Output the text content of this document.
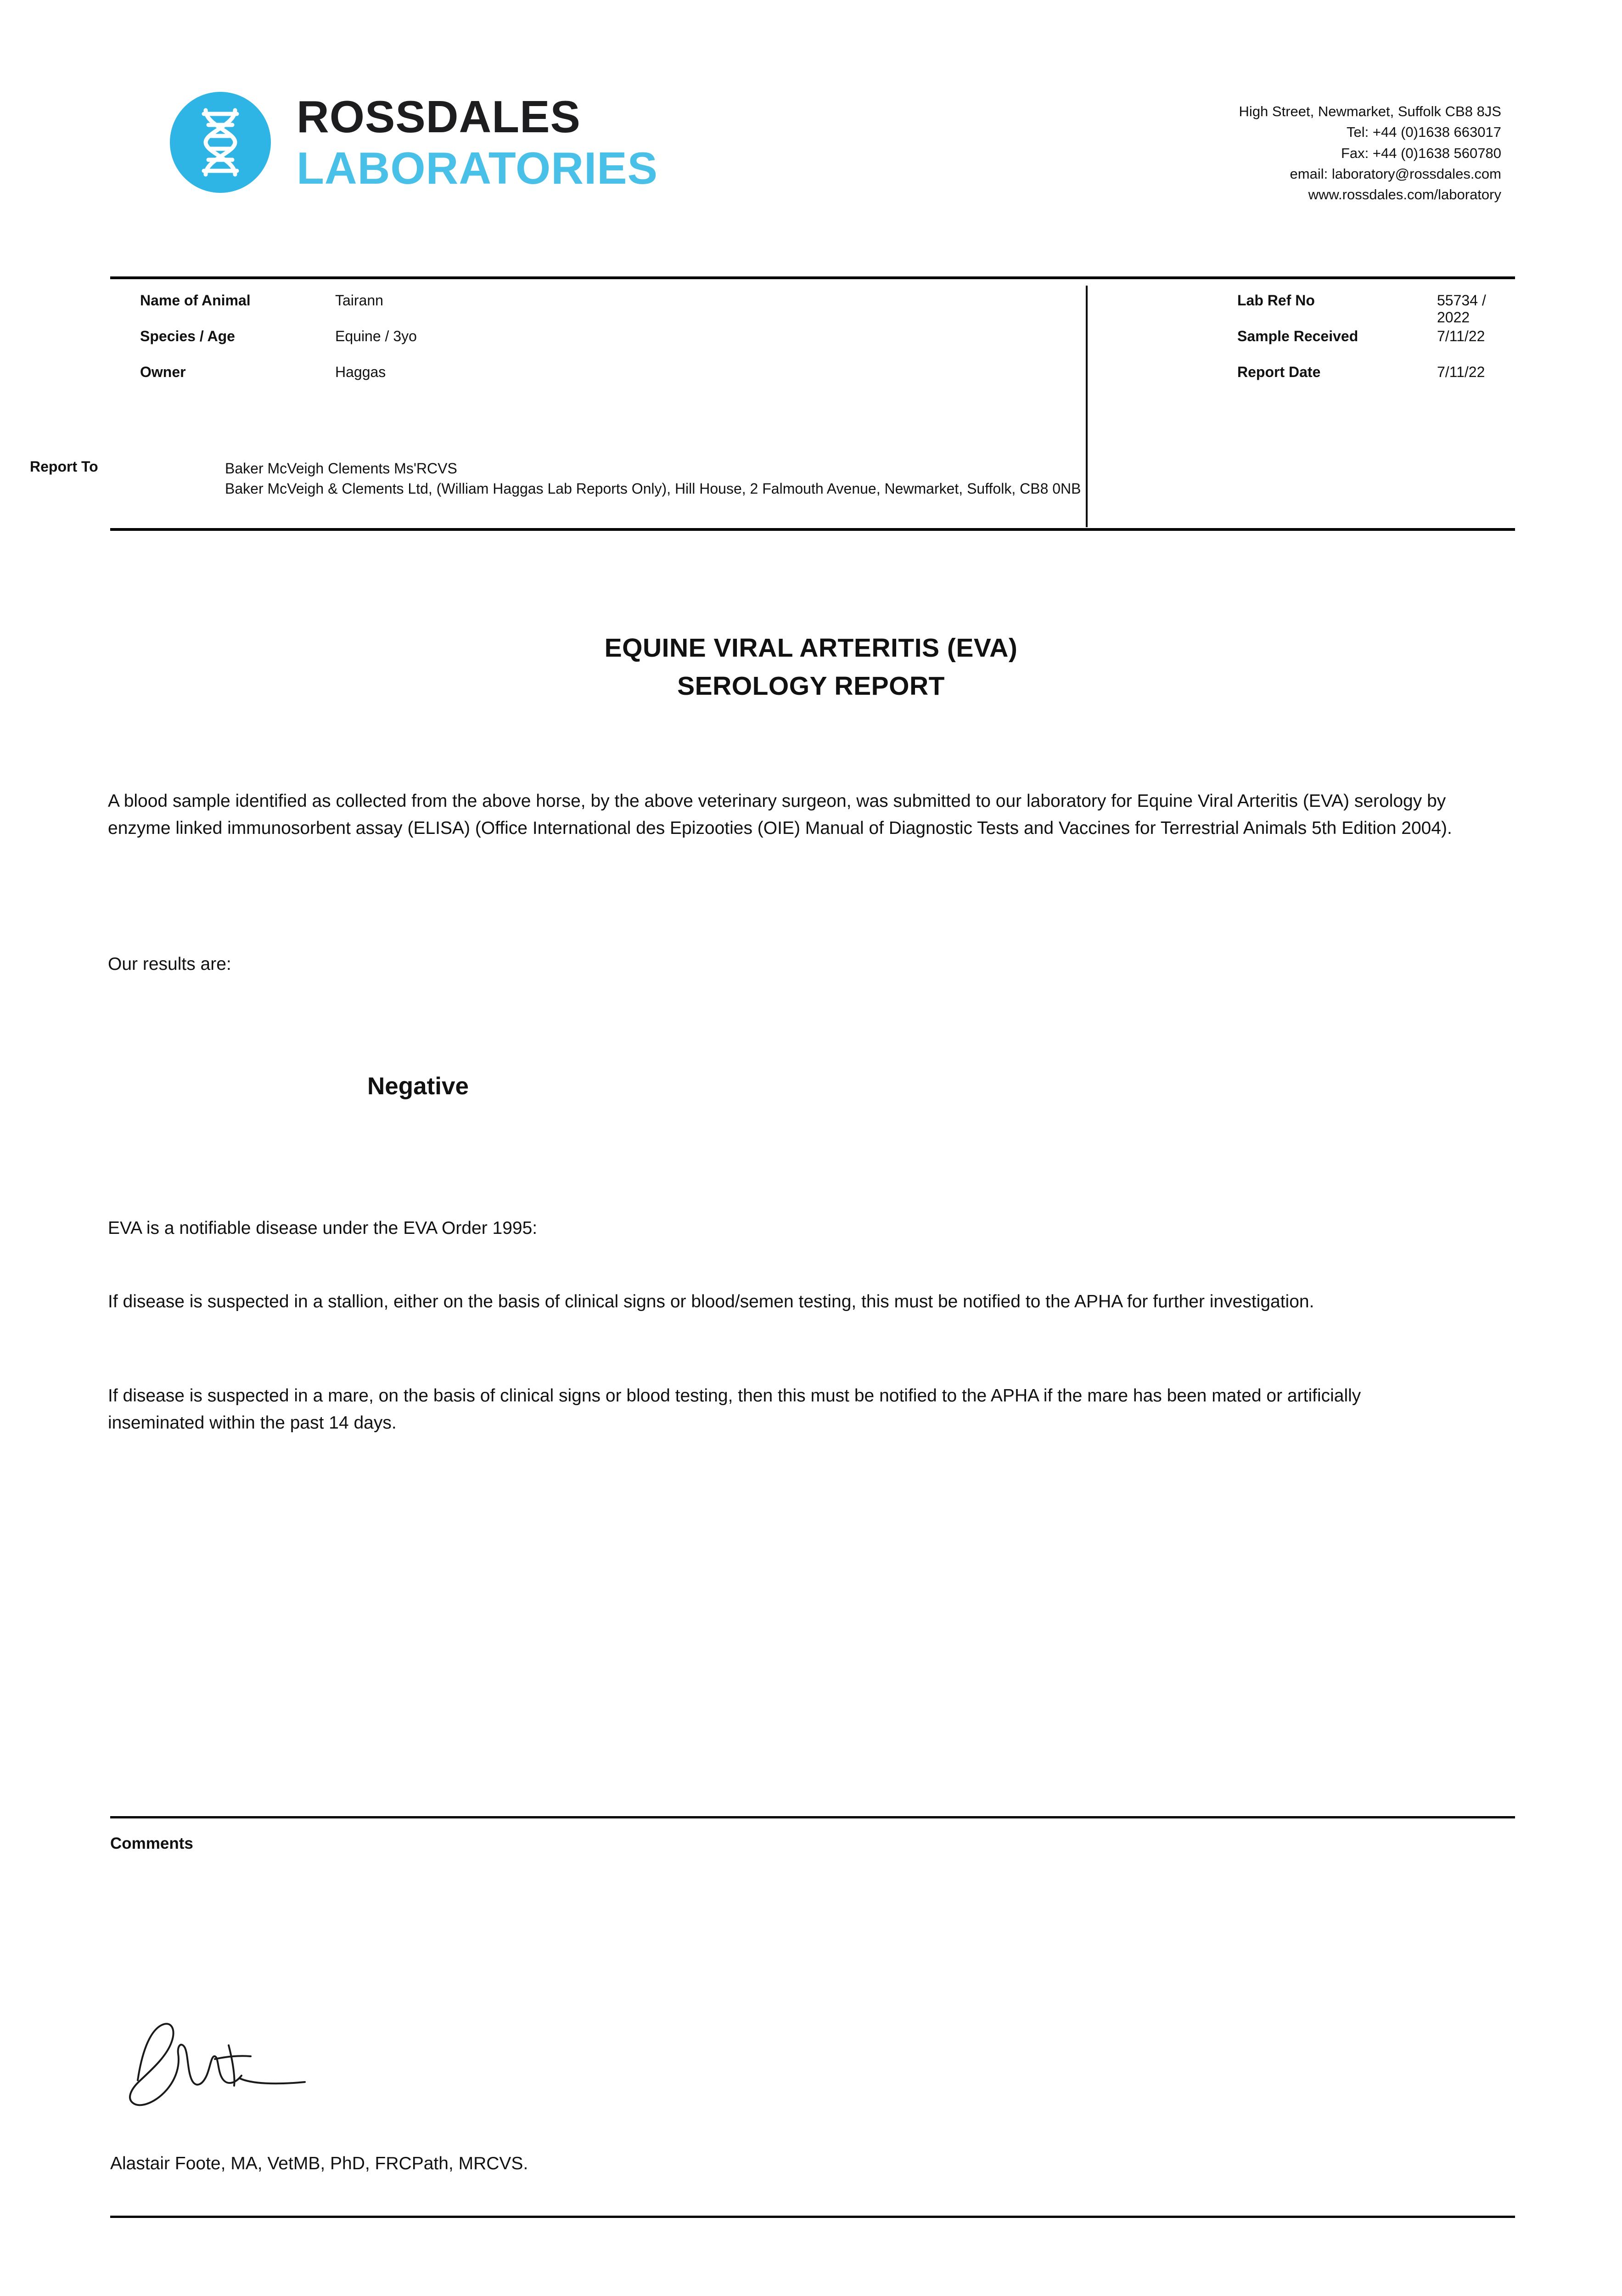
ROSSDALES
LABORATORIES
High Street, Newmarket, Suffolk CB8 8JS
Tel: +44 (0)1638 663017
Fax: +44 (0)1638 560780
email: laboratory@rossdales.com
www.rossdales.com/laboratory
Name of Animal	Tairann	Lab Ref No	55734 / 2022
Species / Age	Equine / 3yo	Sample Received	7/11/22
Owner	Haggas	Report Date	7/11/22
Report To	Baker McVeigh Clements Ms'RCVS
Baker McVeigh & Clements Ltd, (William Haggas Lab Reports Only), Hill House, 2 Falmouth Avenue, Newmarket, Suffolk, CB8 0NB
EQUINE VIRAL ARTERITIS (EVA)
SEROLOGY REPORT
A blood sample identified as collected from the above horse, by the above veterinary surgeon, was submitted to our laboratory for Equine Viral Arteritis (EVA) serology by enzyme linked immunosorbent assay (ELISA) (Office International des Epizooties (OIE) Manual of Diagnostic Tests and Vaccines for Terrestrial Animals 5th Edition 2004).
Our results are:
Negative
EVA is a notifiable disease under the EVA Order 1995:
If disease is suspected in a stallion, either on the basis of clinical signs or blood/semen testing, this must be notified to the APHA for further investigation.
If disease is suspected in a mare, on the basis of clinical signs or blood testing, then this must be notified to the APHA if the mare has been mated or artificially inseminated within the past 14 days.
Comments
Alastair Foote, MA, VetMB, PhD, FRCPath, MRCVS.
